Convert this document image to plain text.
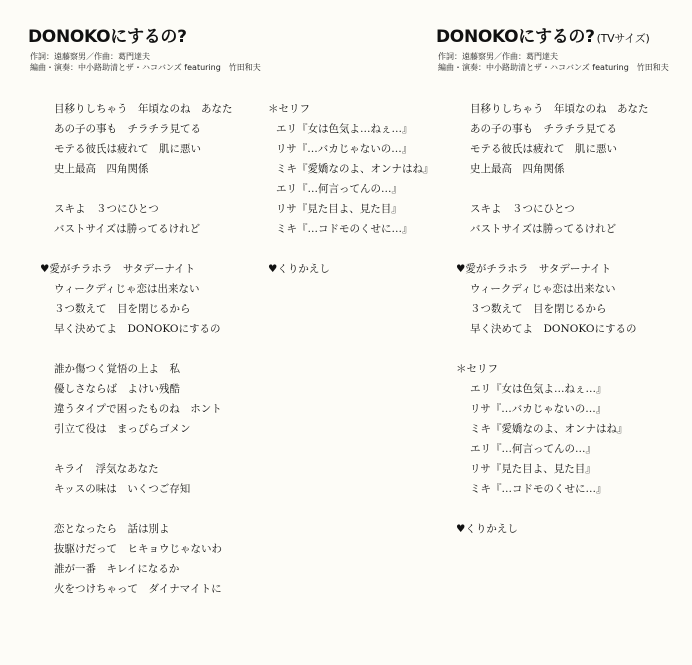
DONOKOにするの?
作詞：遠藤察男／作曲：葛門達夫
編曲・演奏：中小路助清とザ・ハコバンズ featuring　竹田和夫
DONOKOにするの? (TVサイズ)
作詞：遠藤察男／作曲：葛門達夫
編曲・演奏：中小路助清とザ・ハコバンズ featuring　竹田和夫
目移りしちゃう　年頃なのね　あなた
あの子の事も　チラチラ見てる
モテる彼氏は疲れて　肌に悪い
史上最高　四角関係
スキよ　３つにひとつ
バストサイズは勝ってるけれど
♥愛がチラホラ　サタデーナイト
ウィークディじゃ恋は出来ない
３つ数えて　目を閉じるから
早く決めてよ　DONOKOにするの
誰か傷つく覚悟の上よ　私
優しさならば　よけい残酷
違うタイプで困ったものね　ホント
引立て役は　まっぴらゴメン
キライ　浮気なあなた
キッスの味は　いくつご存知
恋となったら　話は別よ
抜駆けだって　ヒキョウじゃないわ
誰が一番　キレイになるか
火をつけちゃって　ダイナマイトに
＊セリフ
エリ『女は色気よ…ねぇ…』
リサ『…バカじゃないの…』
ミキ『愛嬌なのよ、オンナはね』
エリ『…何言ってんの…』
リサ『見た目よ、見た目』
ミキ『…コドモのくせに…』
♥くりかえし
目移りしちゃう　年頃なのね　あなた
あの子の事も　チラチラ見てる
モテる彼氏は疲れて　肌に悪い
史上最高　四角関係
スキよ　３つにひとつ
バストサイズは勝ってるけれど
♥愛がチラホラ　サタデーナイト
ウィークディじゃ恋は出来ない
３つ数えて　目を閉じるから
早く決めてよ　DONOKOにするの
＊セリフ
エリ『女は色気よ…ねぇ…』
リサ『…バカじゃないの…』
ミキ『愛嬌なのよ、オンナはね』
エリ『…何言ってんの…』
リサ『見た目よ、見た目』
ミキ『…コドモのくせに…』
♥くりかえし
